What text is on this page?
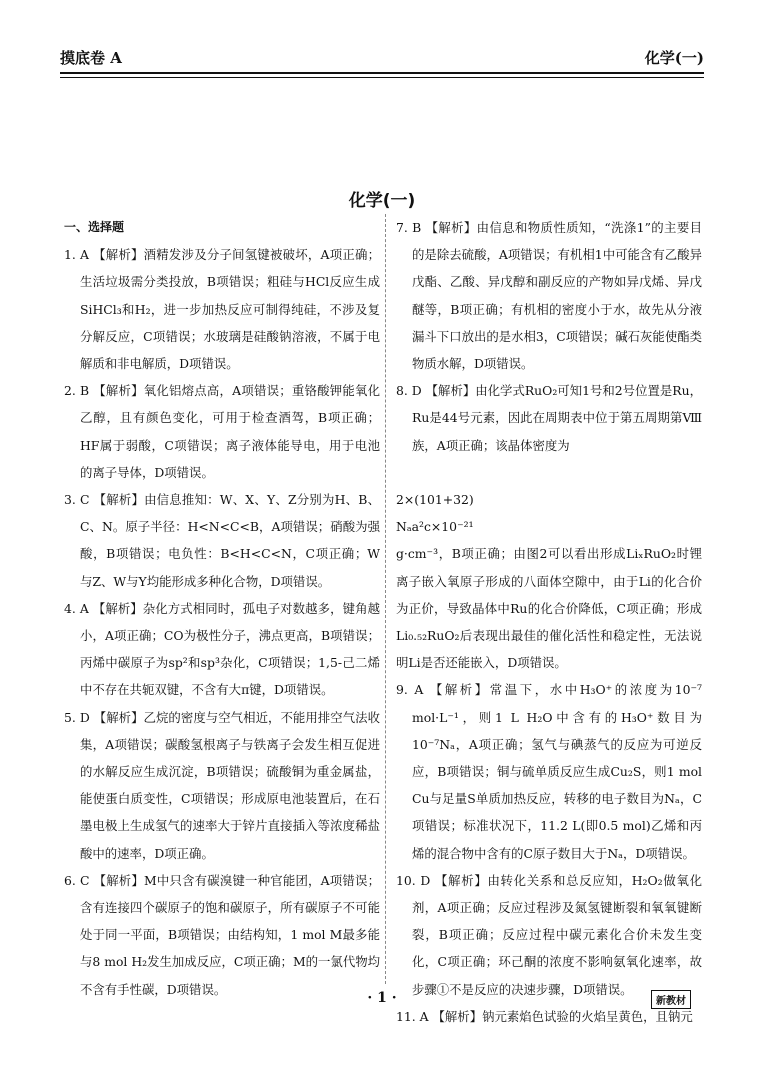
摸底卷 A	化学(一)
化学(一)
一、选择题

1. A 【解析】酒精发涉及分子间氢键被破坏，A项正确；生活垃圾需分类投放，B项错误；粗硅与HCl反应生成SiHCl₃和H₂，进一步加热反应可制得纯硅，不涉及复分解反应，C项错误；水玻璃是硅酸钠溶液，不属于电解质和非电解质，D项错误。

2. B 【解析】氧化铝熔点高，A项错误；重铬酸钾能氧化乙醇，且有颜色变化，可用于检查酒驾，B项正确；HF属于弱酸，C项错误；离子液体能导电，用于电池的离子导体，D项错误。

3. C 【解析】由信息推知：W、X、Y、Z分别为H、B、C、N。原子半径：H<N<C<B，A项错误；硝酸为强酸，B项错误；电负性：B<H<C<N，C项正确；W与Z、W与Y均能形成多种化合物，D项错误。

4. A 【解析】杂化方式相同时，孤电子对数越多，键角越小，A项正确；CO为极性分子，沸点更高，B项错误；丙烯中碳原子为sp²和sp³杂化，C项错误；1,5-己二烯中不存在共轭双键，不含有大π键，D项错误。

5. D 【解析】乙烷的密度与空气相近，不能用排空气法收集，A项错误；碳酸氢根离子与铁离子会发生相互促进的水解反应生成沉淀，B项错误；硫酸铜为重金属盐，能使蛋白质变性，C项错误；形成原电池装置后，在石墨电极上生成氢气的速率大于锌片直接插入等浓度稀盐酸中的速率，D项正确。

6. C 【解析】M中只含有碳溴键一种官能团，A项错误；含有连接四个碳原子的饱和碳原子，所有碳原子不可能处于同一平面，B项错误；由结构知，1 mol M最多能与8 mol H₂发生加成反应，C项正确；M的一氯代物均不含有手性碳，D项错误。

7. B 【解析】由信息和物质性质知，“洗涤1”的主要目的是除去硫酸，A项错误；有机相1中可能含有乙酸异戊酯、乙酸、异戊醇和副反应的产物如异戊烯、异戊醚等，B项正确；有机相的密度小于水，故先从分液漏斗下口放出的是水相3，C项错误；碱石灰能使酯类物质水解，D项错误。

8. D 【解析】由化学式RuO₂可知1号和2号位置是Ru，Ru是44号元素，因此在周期表中位于第五周期第Ⅷ族，A项正确；该晶体密度为

2×(101+32)
Nₐa²c×10⁻²¹
g·cm⁻³，B项正确；由图2可以看出形成LiₓRuO₂时锂离子嵌入氧原子形成的八面体空隙中，由于Li的化合价为正价，导致晶体中Ru的化合价降低，C项正确；形成Li₀.₅₂RuO₂后表现出最佳的催化活性和稳定性，无法说明Li是否还能嵌入，D项错误。

9. A 【解析】常温下，水中H₃O⁺的浓度为10⁻⁷ mol·L⁻¹，则1 L H₂O中含有的H₃O⁺数目为10⁻⁷Nₐ，A项正确；氢气与碘蒸气的反应为可逆反应，B项错误；铜与硫单质反应生成Cu₂S，则1 mol Cu与足量S单质加热反应，转移的电子数目为Nₐ，C项错误；标准状况下，11.2 L(即0.5 mol)乙烯和丙烯的混合物中含有的C原子数目大于Nₐ，D项错误。

10. D 【解析】由转化关系和总反应知，H₂O₂做氧化剂，A项正确；反应过程涉及氮氢键断裂和氧氧键断裂，B项正确；反应过程中碳元素化合价未发生变化，C项正确；环己酮的浓度不影响氨氧化速率，故步骤①不是反应的决速步骤，D项错误。

11. A 【解析】钠元素焰色试验的火焰呈黄色，且钠元

· 1 ·	新教材
